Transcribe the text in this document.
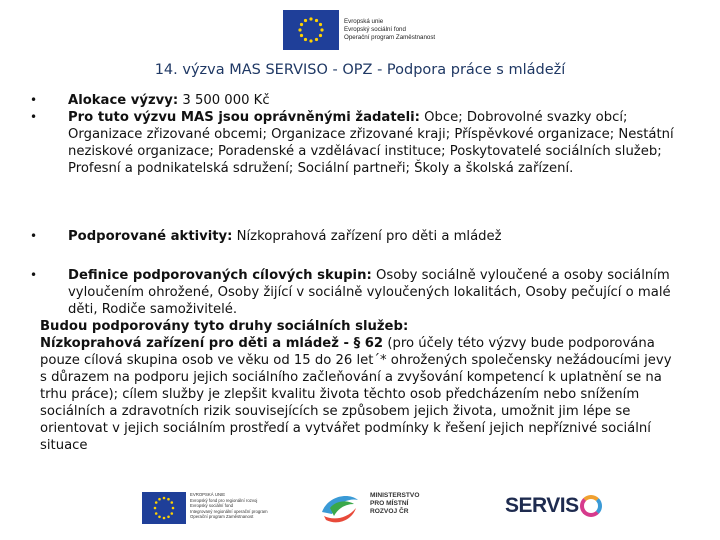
Evropská unie
Evropský sociální fond
Operační program Zaměstnanost
14. výzva MAS SERVISO - OPZ - Podpora práce s mládeží
• Alokace výzvy: 3 500 000 Kč
• Pro tuto výzvu MAS jsou oprávněnými žadateli: Obce; Dobrovolné svazky obcí; Organizace zřizované obcemi; Organizace zřizované kraji; Příspěvkové organizace; Nestátní neziskové organizace; Poradenské a vzdělávací instituce; Poskytovatelé sociálních služeb; Profesní a podnikatelská sdružení; Sociální partneři; Školy a školská zařízení.
• Podporované aktivity: Nízkoprahová zařízení pro děti a mládež
• Definice podporovaných cílových skupin: Osoby sociálně vyloučené a osoby sociálním vyloučením ohrožené, Osoby žijící v sociálně vyloučených lokalitách, Osoby pečující o malé děti, Rodiče samoživitelé.
Budou podporovány tyto druhy sociálních služeb:
Nízkoprahová zařízení pro děti a mládež - § 62 (pro účely této výzvy bude podporována pouze cílová skupina osob ve věku od 15 do 26 let´* ohrožených společensky nežádoucími jevy s důrazem na podporu jejich sociálního začleňování a zvyšování kompetencí k uplatnění se na trhu práce); cílem služby je zlepšit kvalitu života těchto osob předcházením nebo snížením sociálních a zdravotních rizik souvisejících se způsobem jejich života, umožnit jim lépe se orientovat v jejich sociálním prostředí a vytvářet podmínky k řešení jejich nepříznivé sociální situace
EVROPSKÁ UNIE
Evropský fond pro regionální rozvoj
Evropský sociální fond
Integrovaný regionální operační program
Operační program Zaměstnanost
MINISTERSTVO
PRO MÍSTNÍ
ROZVOJ ČR	SERVIS
